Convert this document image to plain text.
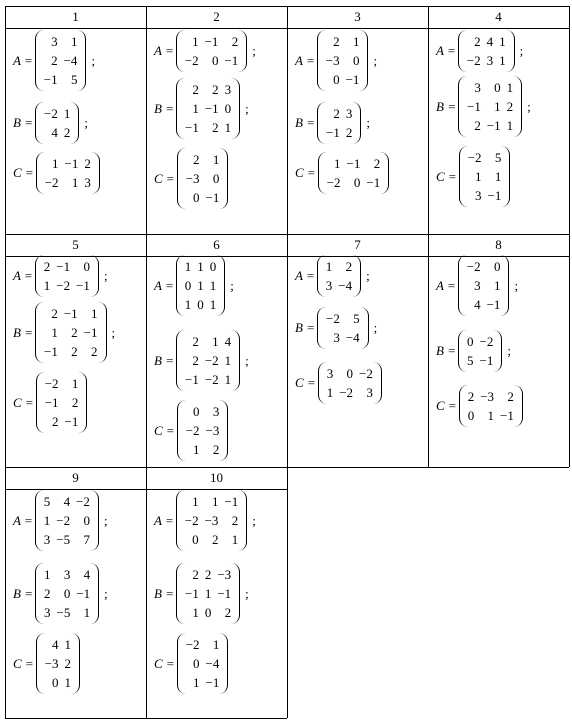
1
A =
3	1
2	−4
−1	5
;
B =
−2	1
4	2
;
C =
1	−1	2
−2	1	3
2
A =
1	−1	2
−2	0	−1
;
B =
2	2	3
1	−1	0
−1	2	1
;
C =
2	1
−3	0
0	−1
3
A =
2	1
−3	0
0	−1
;
B =
2	3
−1	2
;
C =
1	−1	2
−2	0	−1
4
A =
2	4	1
−2	3	1
;
B =
3	0	1
−1	1	2
2	−1	1
;
C =
−2	5
1	1
3	−1
5
A =
2	−1	0
1	−2	−1
;
B =
2	−1	1
1	2	−1
−1	2	2
;
C =
−2	1
−1	2
2	−1
6
A =
1	1	0
0	1	1
1	0	1
;
B =
2	1	4
2	−2	1
−1	−2	1
;
C =
0	3
−2	−3
1	2
7
A =
1	2
3	−4
;
B =
−2	5
3	−4
;
C =
3	0	−2
1	−2	3
8
A =
−2	0
3	1
4	−1
;
B =
0	−2
5	−1
;
C =
2	−3	2
0	1	−1
9
A =
5	4	−2
1	−2	0
3	−5	7
;
B =
1	3	4
2	0	−1
3	−5	1
;
C =
4	1
−3	2
0	1
10
A =
1	1	−1
−2	−3	2
0	2	1
;
B =
2	2	−3
−1	1	−1
1	0	2
;
C =
−2	1
0	−4
1	−1
